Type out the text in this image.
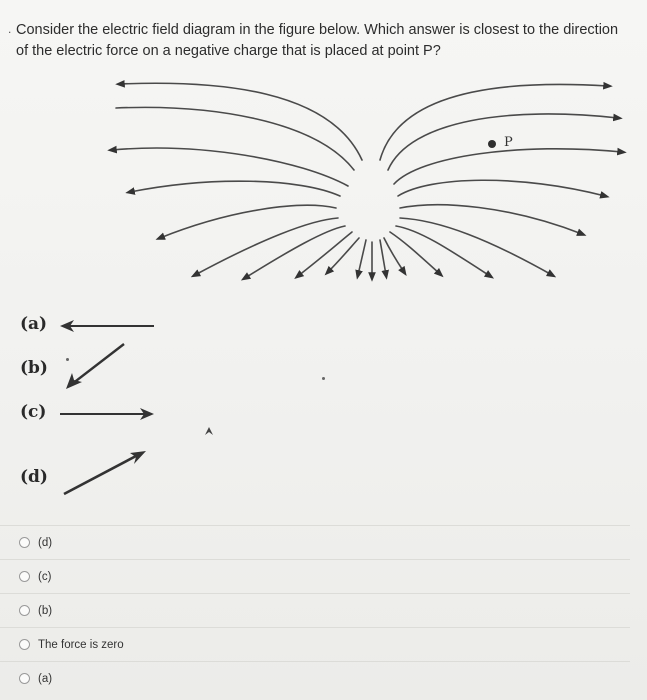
. Consider the electric field diagram in the figure below. Which answer is closest to the direction of the electric force on a negative charge that is placed at point P?

P
(a)
(b)
(c)
(d)
(d)
(c)
(b)
The force is zero
(a)
